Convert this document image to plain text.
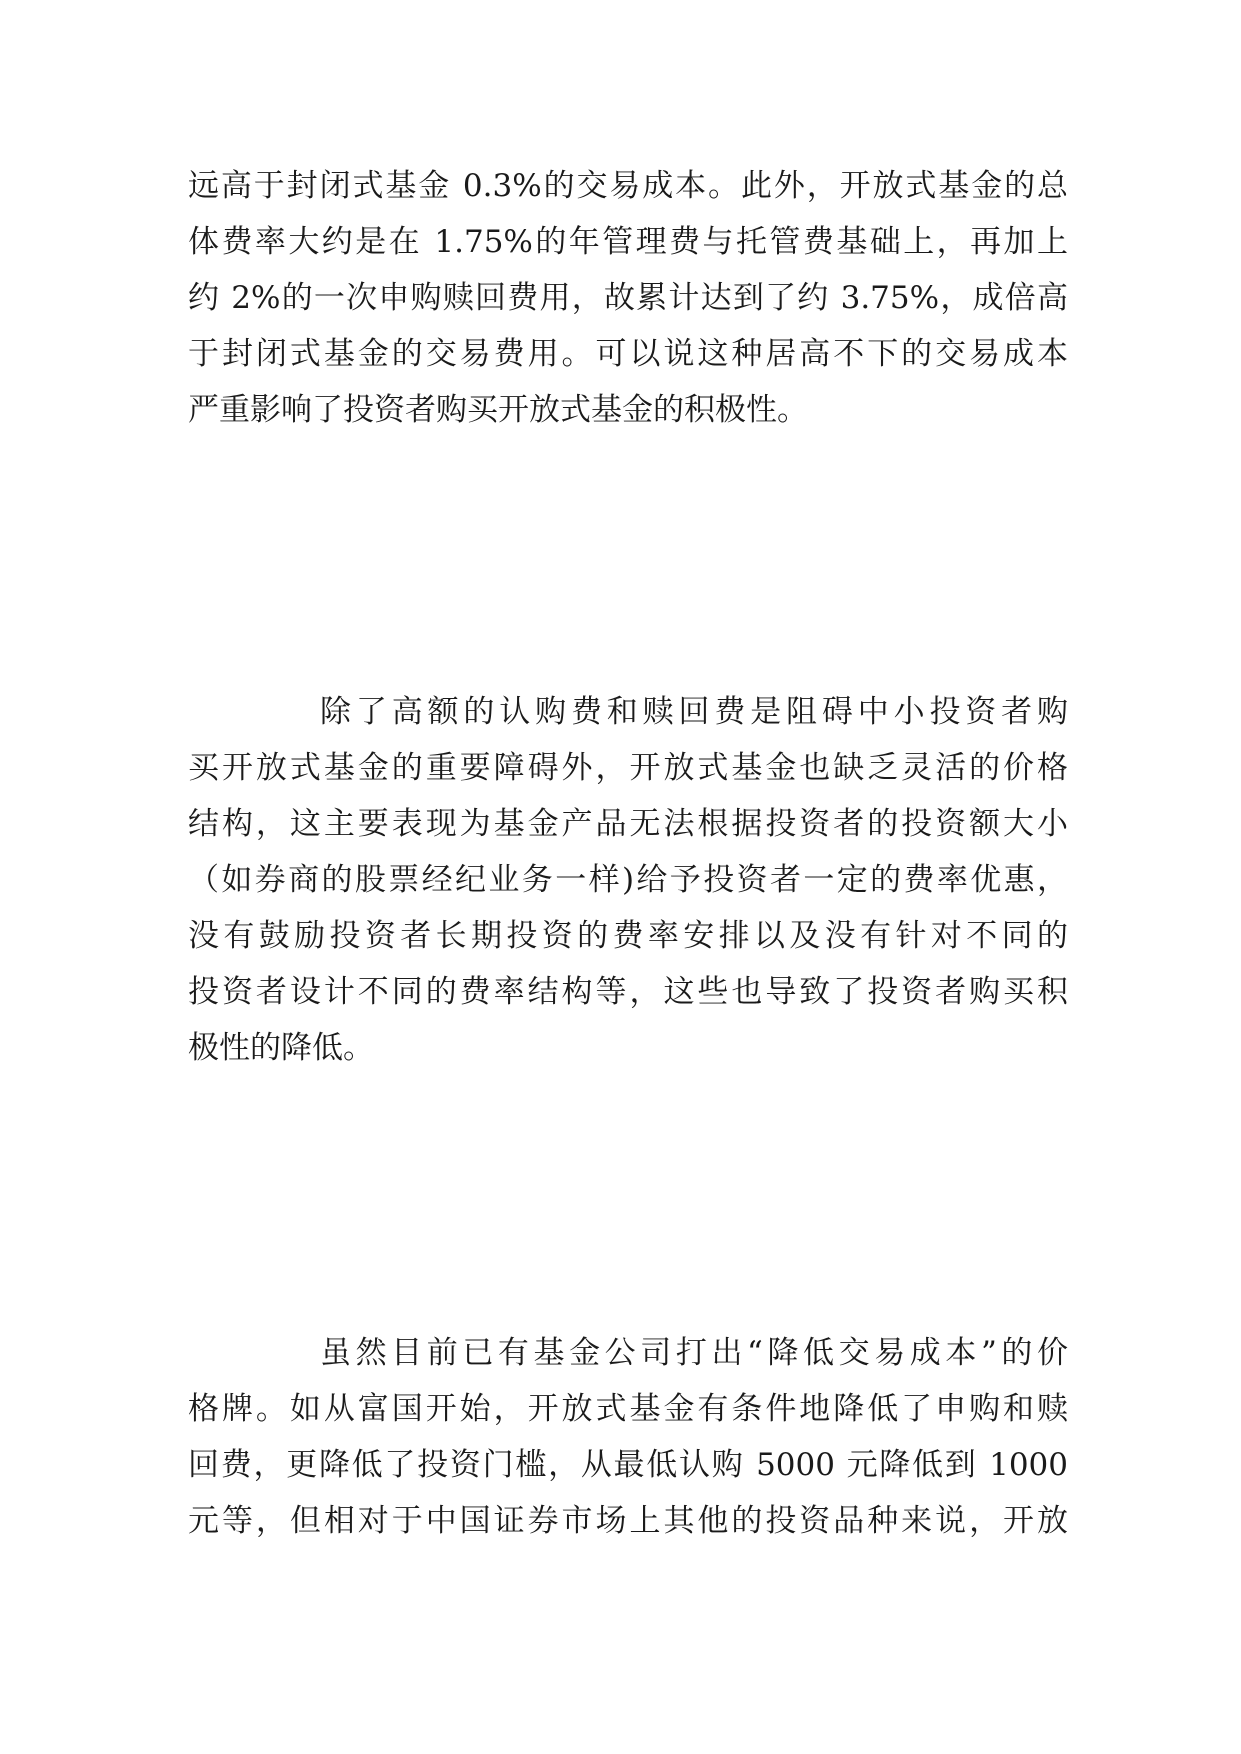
远高于封闭式基金 0.3%的交易成本。此外，开放式基金的总
体费率大约是在 1.75%的年管理费与托管费基础上，再加上
约 2%的一次申购赎回费用，故累计达到了约 3.75%，成倍高
于封闭式基金的交易费用。可以说这种居高不下的交易成本
严重影响了投资者购买开放式基金的积极性。

除了高额的认购费和赎回费是阻碍中小投资者购
买开放式基金的重要障碍外，开放式基金也缺乏灵活的价格
结构，这主要表现为基金产品无法根据投资者的投资额大小
（如券商的股票经纪业务一样)给予投资者一定的费率优惠，
没有鼓励投资者长期投资的费率安排以及没有针对不同的
投资者设计不同的费率结构等，这些也导致了投资者购买积
极性的降低。

虽然目前已有基金公司打出“降低交易成本”的价
格牌。如从富国开始，开放式基金有条件地降低了申购和赎
回费，更降低了投资门槛，从最低认购 5000 元降低到 1000
元等，但相对于中国证券市场上其他的投资品种来说，开放
